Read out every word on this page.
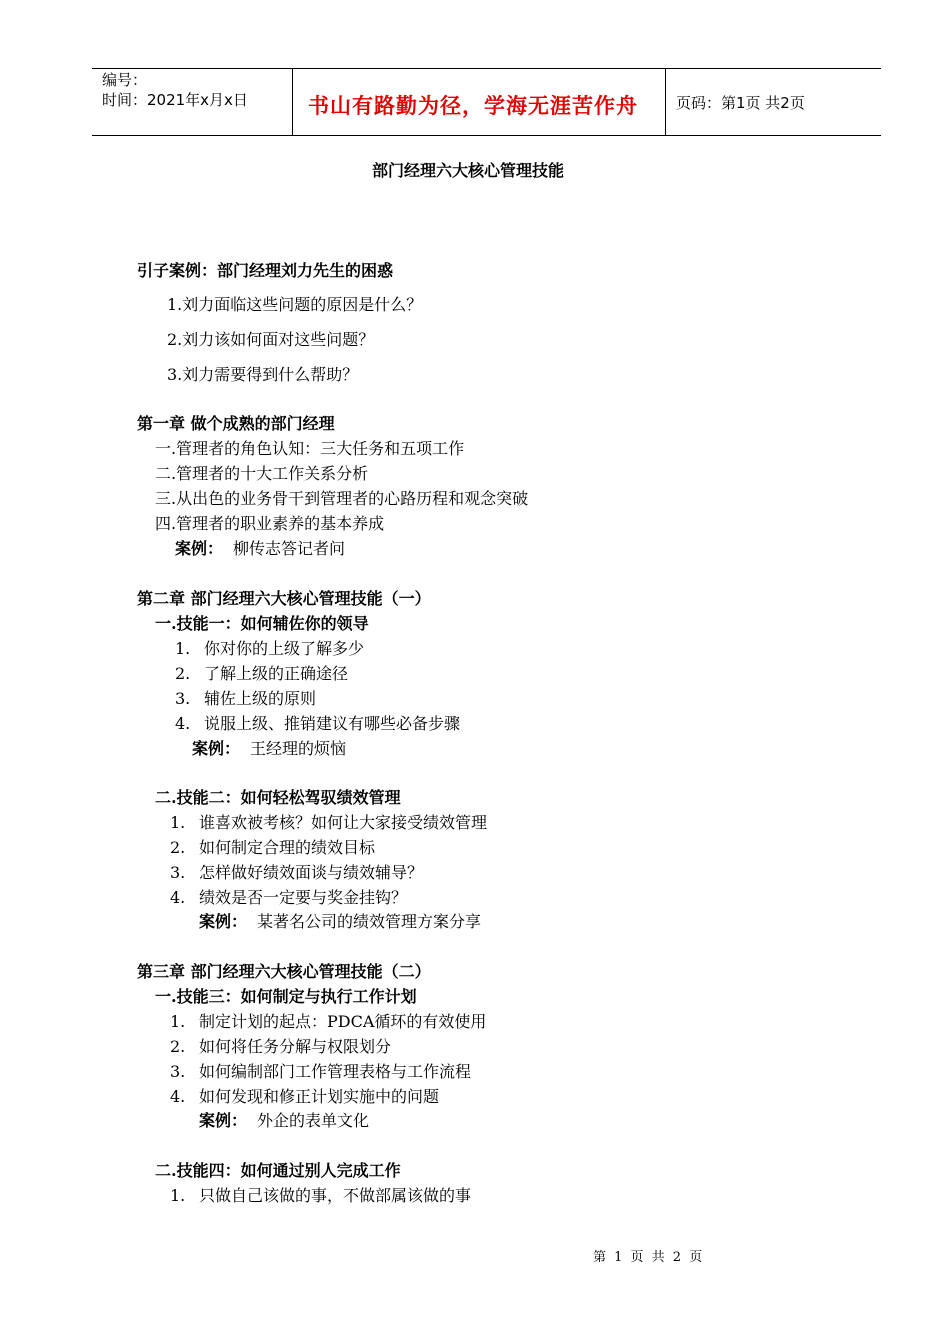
编号：
时间：2021年x月x日	书山有路勤为径，学海无涯苦作舟	页码：第1页 共2页
部门经理六大核心管理技能
引子案例：部门经理刘力先生的困惑
1.刘力面临这些问题的原因是什么？
2.刘力该如何面对这些问题？
3.刘力需要得到什么帮助？
第一章 做个成熟的部门经理
一.管理者的角色认知：三大任务和五项工作
二.管理者的十大工作关系分析
三.从出色的业务骨干到管理者的心路历程和观念突破
四.管理者的职业素养的基本养成
案例： 柳传志答记者问
第二章 部门经理六大核心管理技能（一）
一.技能一：如何辅佐你的领导
1. 你对你的上级了解多少
2. 了解上级的正确途径
3. 辅佐上级的原则
4. 说服上级、推销建议有哪些必备步骤
案例： 王经理的烦恼
二.技能二：如何轻松驾驭绩效管理
1. 谁喜欢被考核？如何让大家接受绩效管理
2. 如何制定合理的绩效目标
3. 怎样做好绩效面谈与绩效辅导？
4. 绩效是否一定要与奖金挂钩？
案例： 某著名公司的绩效管理方案分享
第三章 部门经理六大核心管理技能（二）
一.技能三：如何制定与执行工作计划
1. 制定计划的起点：PDCA循环的有效使用
2. 如何将任务分解与权限划分
3. 如何编制部门工作管理表格与工作流程
4. 如何发现和修正计划实施中的问题
案例： 外企的表单文化
二.技能四：如何通过别人完成工作
1. 只做自己该做的事，不做部属该做的事
第 1 页 共 2 页
